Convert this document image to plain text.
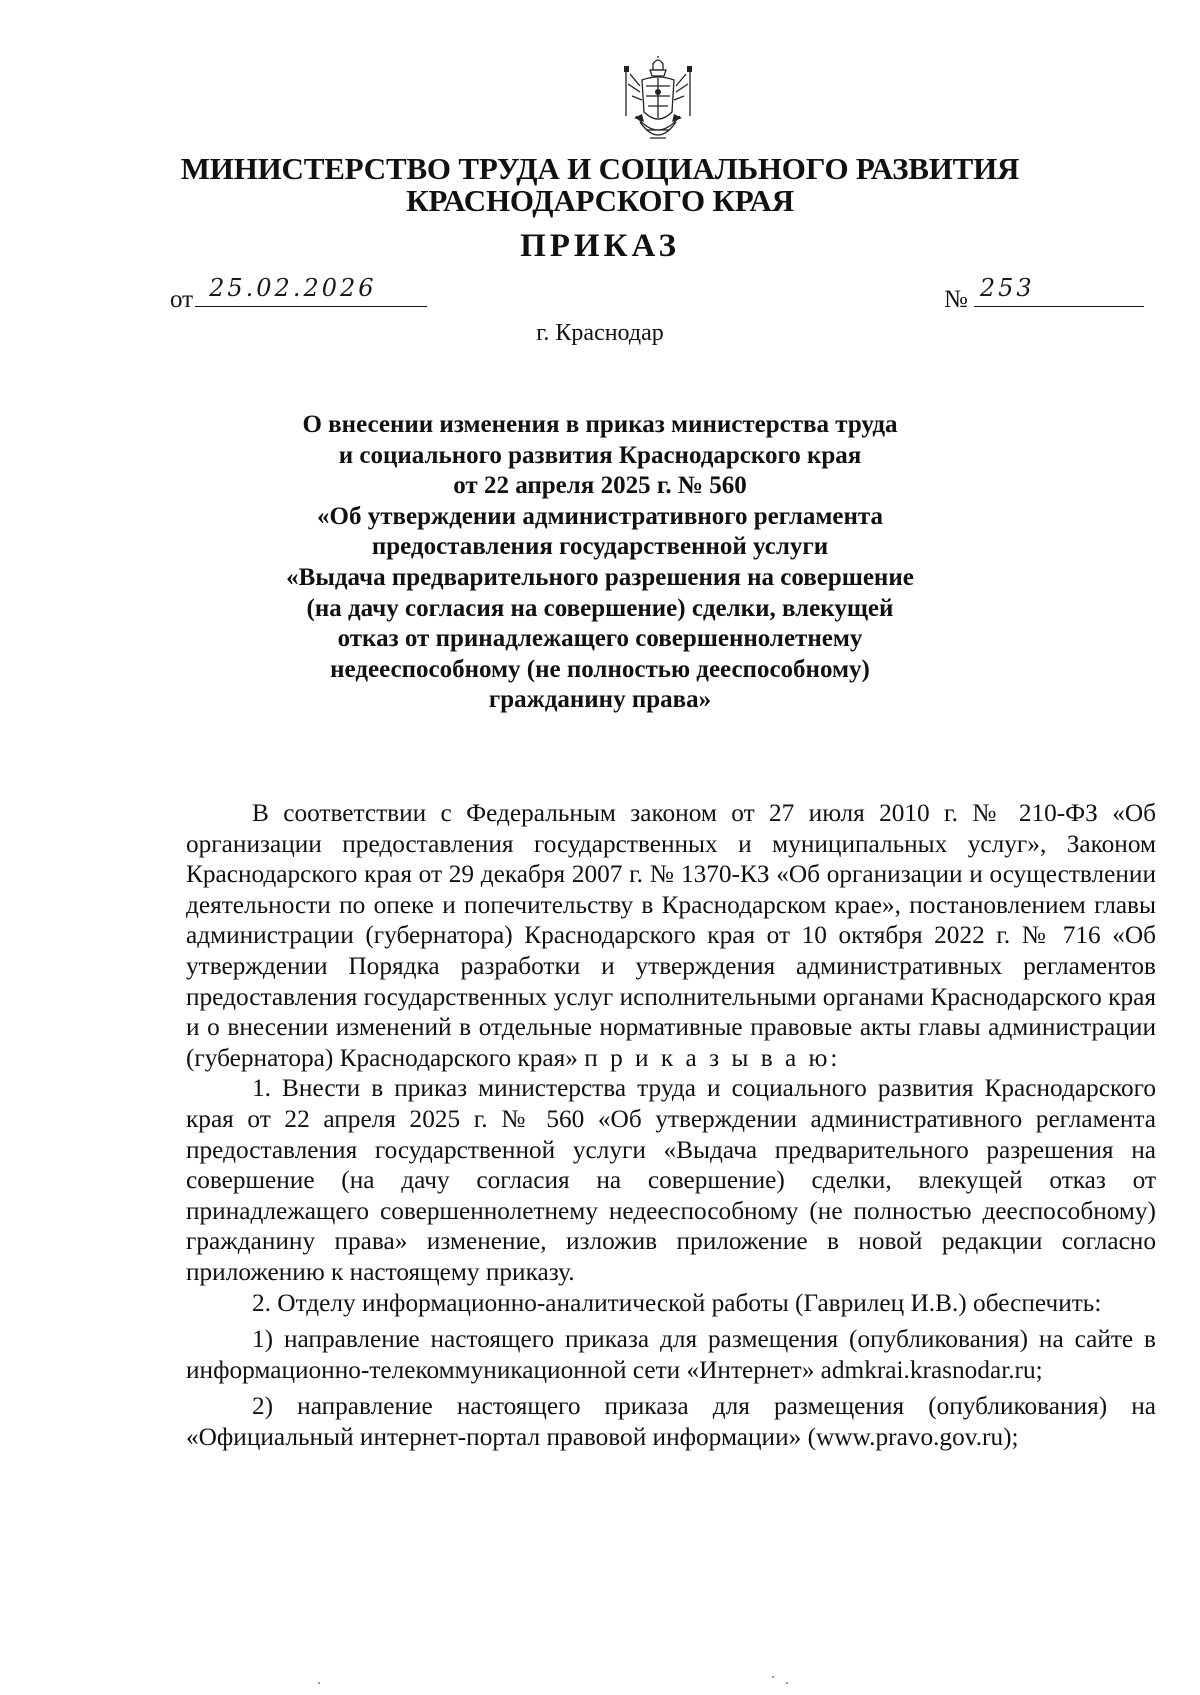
МИНИСТЕРСТВО ТРУДА И СОЦИАЛЬНОГО РАЗВИТИЯ
КРАСНОДАРСКОГО КРАЯ
ПРИКАЗ
от 25.02.2026	№ 253
г. Краснодар
О внесении изменения в приказ министерства труда
и социального развития Краснодарского края
от 22 апреля 2025 г. № 560
«Об утверждении административного регламента
предоставления государственной услуги
«Выдача предварительного разрешения на совершение
(на дачу согласия на совершение) сделки, влекущей
отказ от принадлежащего совершеннолетнему
недееспособному (не полностью дееспособному)
гражданину права»

В соответствии с Федеральным законом от 27 июля 2010 г. № 210-ФЗ «Об организации предоставления государственных и муниципальных услуг», Законом Краснодарского края от 29 декабря 2007 г. № 1370-КЗ «Об организации и осуществлении деятельности по опеке и попечительству в Краснодарском крае», постановлением главы администрации (губернатора) Краснодарского края от 10 октября 2022 г. № 716 «Об утверждении Порядка разработки и утверждения административных регламентов предоставления государственных услуг исполнительными органами Краснодарского края и о внесении изменений в отдельные нормативные правовые акты главы администрации (губернатора) Краснодарского края» п р и к а з ы в а ю:

1. Внести в приказ министерства труда и социального развития Краснодарского края от 22 апреля 2025 г. № 560 «Об утверждении административного регламента предоставления государственной услуги «Выдача предварительного разрешения на совершение (на дачу согласия на совершение) сделки, влекущей отказ от принадлежащего совершеннолетнему недееспособному (не полностью дееспособному) гражданину права» изменение, изложив приложение в новой редакции согласно приложению к настоящему приказу.

2. Отделу информационно-аналитической работы (Гаврилец И.В.) обеспечить:

1) направление настоящего приказа для размещения (опубликования) на сайте в информационно-телекоммуникационной сети «Интернет» admkrai.krasnodar.ru;

2) направление настоящего приказа для размещения (опубликования) на «Официальный интернет-портал правовой информации» (www.pravo.gov.ru);
